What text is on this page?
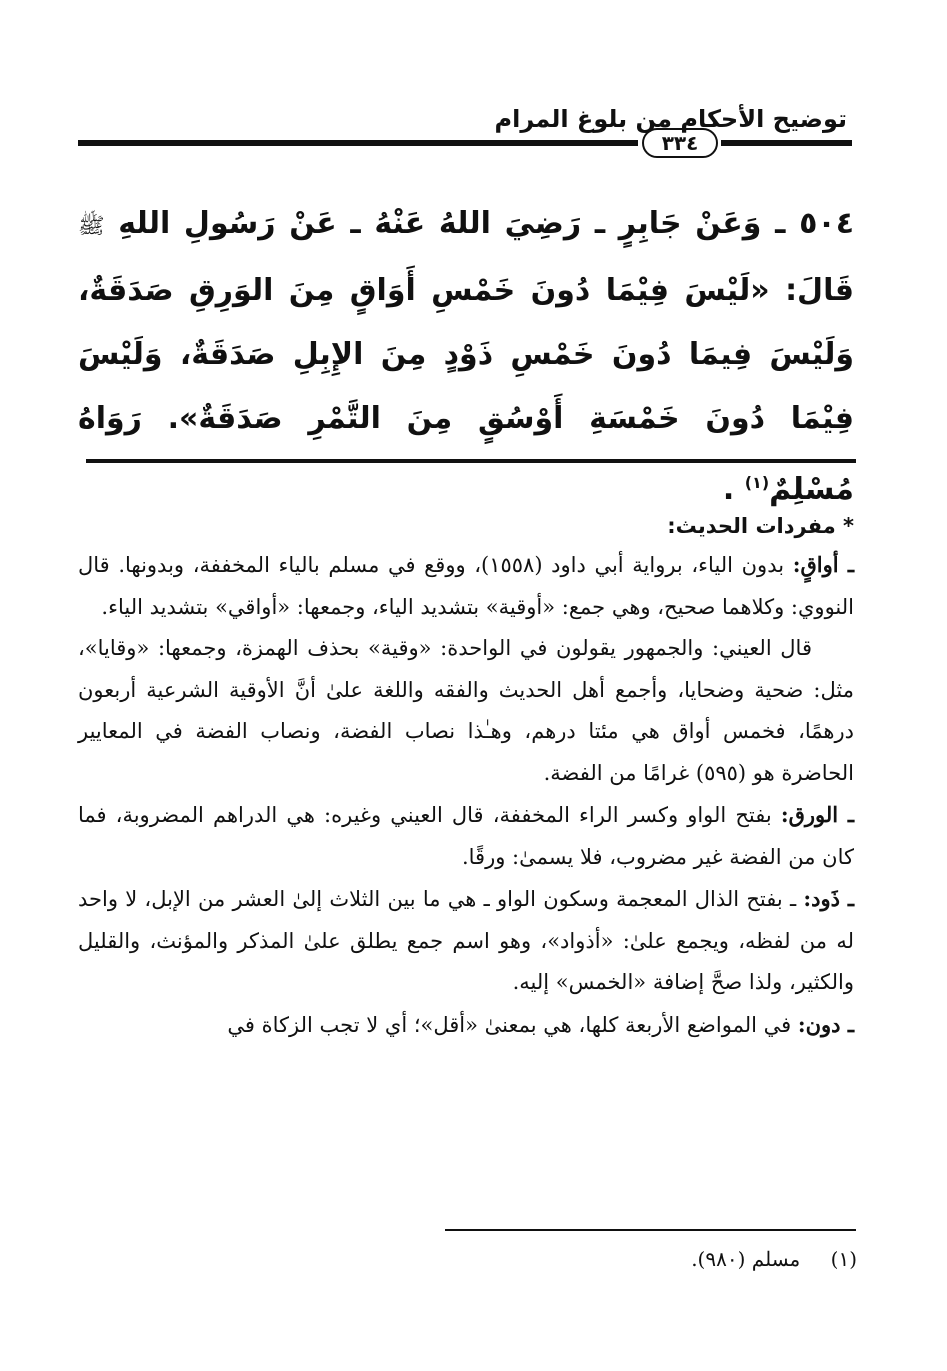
توضيح الأحكام من بلوغ المرام
٣٣٤
٥٠٤ ـ وَعَنْ جَابِرٍ ـ رَضِيَ اللهُ عَنْهُ ـ عَنْ رَسُولِ اللهِ ﷺ قَالَ: «لَيْسَ فِيْمَا دُونَ خَمْسِ أَوَاقٍ مِنَ الوَرِقِ صَدَقَةٌ، وَلَيْسَ فِيمَا دُونَ خَمْسِ ذَوْدٍ مِنَ الإِبِلِ صَدَقَةٌ، وَلَيْسَ فِيْمَا دُونَ خَمْسَةِ أَوْسُقٍ مِنَ التَّمْرِ صَدَقَةٌ». رَوَاهُ مُسْلِمٌ$^{(١)}$ .

* مفردات الحديث:

ـ أواقٍ: بدون الياء، برواية أبي داود (١٥٥٨)، ووقع في مسلم بالياء المخففة، وبدونها. قال النووي: وكلاهما صحيح، وهي جمع: «أوقية» بتشديد الياء، وجمعها: «أواقي» بتشديد الياء.

قال العيني: والجمهور يقولون في الواحدة: «وقية» بحذف الهمزة، وجمعها: «وقايا»، مثل: ضحية وضحايا، وأجمع أهل الحديث والفقه واللغة علىٰ أنَّ الأوقية الشرعية أربعون درهمًا، فخمس أواق هي مئتا درهم، وهـٰذا نصاب الفضة، ونصاب الفضة في المعايير الحاضرة هو (٥٩٥) غرامًا من الفضة.

ـ الورق: بفتح الواو وكسر الراء المخففة، قال العيني وغيره: هي الدراهم المضروبة، فما كان من الفضة غير مضروب، فلا يسمىٰ: ورقًا.

ـ ذَود: ـ بفتح الذال المعجمة وسكون الواو ـ هي ما بين الثلاث إلىٰ العشر من الإبل، لا واحد له من لفظه، ويجمع علىٰ: «أذواد»، وهو اسم جمع يطلق علىٰ المذكر والمؤنث، والقليل والكثير، ولذا صحَّ إضافة «الخمس» إليه.

ـ دون: في المواضع الأربعة كلها، هي بمعنىٰ «أقل»؛ أي لا تجب الزكاة في

(١) مسلم (٩٨٠).
